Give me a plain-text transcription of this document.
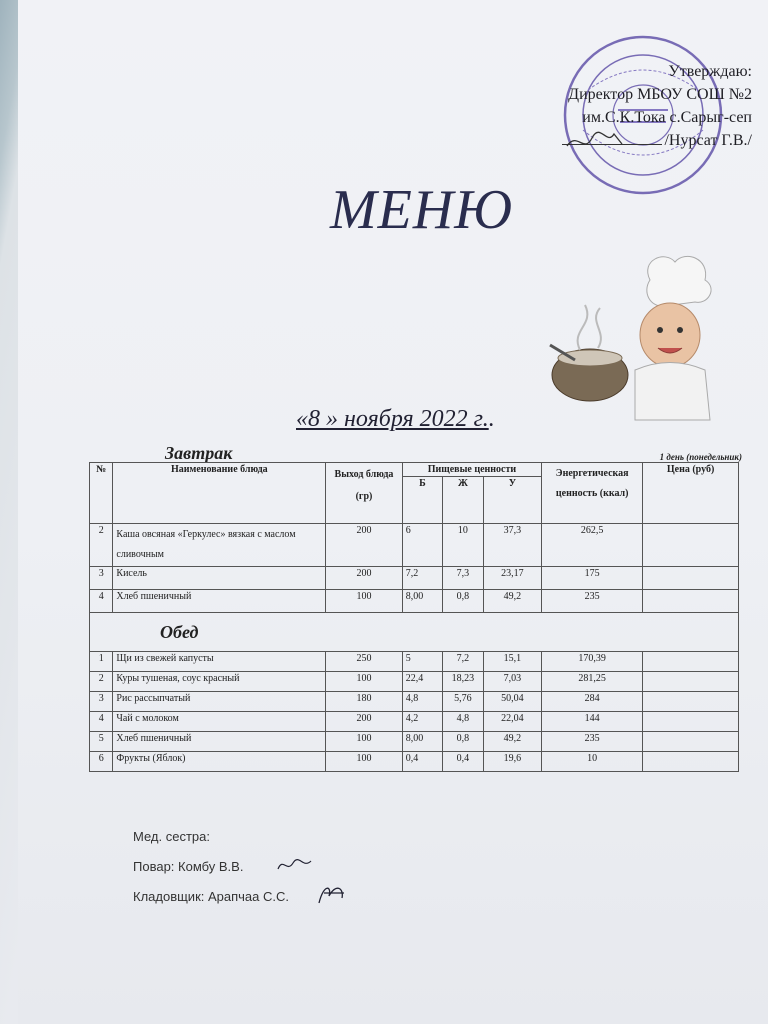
Утверждаю:
Директор МБОУ СОШ №2
им.С.К.Тока с.Сарыг-сеп
/Нурсат Г.В./
МЕНЮ
«8 » ноября 2022 г..
Завтрак	1 день (понедельник)
№	Наименование блюда	Выход блюда (гр)	Пищевые ценности			Энергетическая ценность (ккал)	Цена (руб)
			Б	Ж	У		
2	Каша овсяная «Геркулес» вязкая с маслом сливочным	200	6	10	37,3	262,5	
3	Кисель	200	7,2	7,3	23,17	175	
4	Хлеб пшеничный	100	8,00	0,8	49,2	235	
Обед							
1	Щи из свежей капусты	250	5	7,2	15,1	170,39	
2	Куры тушеная, соус красный	100	22,4	18,23	7,03	281,25	
3	Рис рассыпчатый	180	4,8	5,76	50,04	284	
4	Чай с молоком	200	4,2	4,8	22,04	144	
5	Хлеб пшеничный	100	8,00	0,8	49,2	235	
6	Фрукты (Яблок)	100	0,4	0,4	19,6	10	
Мед. сестра:
Повар: Комбу В.В.
Кладовщик: Арапчаа С.С.
